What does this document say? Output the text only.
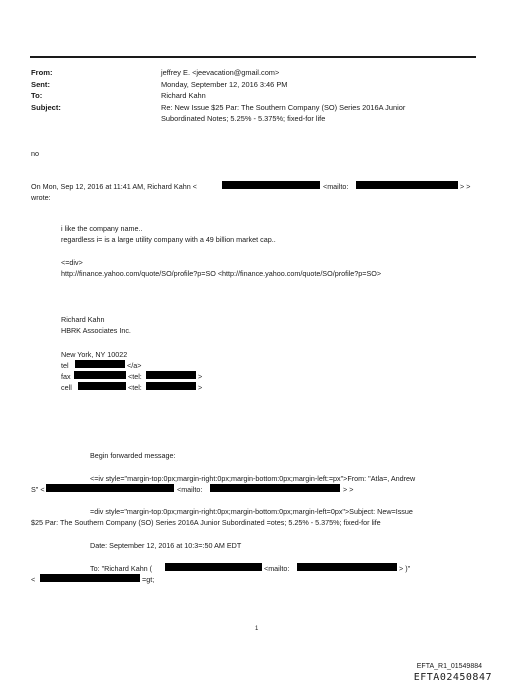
From:	jeffrey E. <jeevacation@gmail.com>
Sent:	Monday, September 12, 2016 3:46 PM
To:	Richard Kahn
Subject:	Re: New Issue $25 Par: The Southern Company (SO) Series 2016A Junior
Subordinated Notes; 5.25% - 5.375%; fixed-for life
no
On Mon, Sep 12, 2016 at 11:41 AM, Richard Kahn <	<mailto:	> >
wrote:
i like the company name..
regardless i= is a large utility company with a 49 billion market cap..
<=div>
http://finance.yahoo.com/quote/SO/profile?p=SO <http://finance.yahoo.com/quote/SO/profile?p=SO>
Richard Kahn
HBRK Associates Inc.
New York, NY 10022
tel	</a>
fax	<tel:	>
cell	<tel:	>
Begin forwarded message:
<=iv style="margin-top:0px;margin-right:0px;margin-bottom:0px;margin-left:=px">From: "Atla=, Andrew
S" <	<mailto:	> >
=div style="margin-top:0px;margin-right:0px;margin-bottom:0px;margin-left=0px">Subject: New=Issue
$25 Par: The Southern Company (SO) Series 2016A Junior Subordinated =otes; 5.25% - 5.375%; fixed-for life
Date: September 12, 2016 at 10:3=:50 AM EDT
To: "Richard Kahn (	<mailto:	> )"
<	=gt;
1
EFTA_R1_01549884
EFTA02450847
